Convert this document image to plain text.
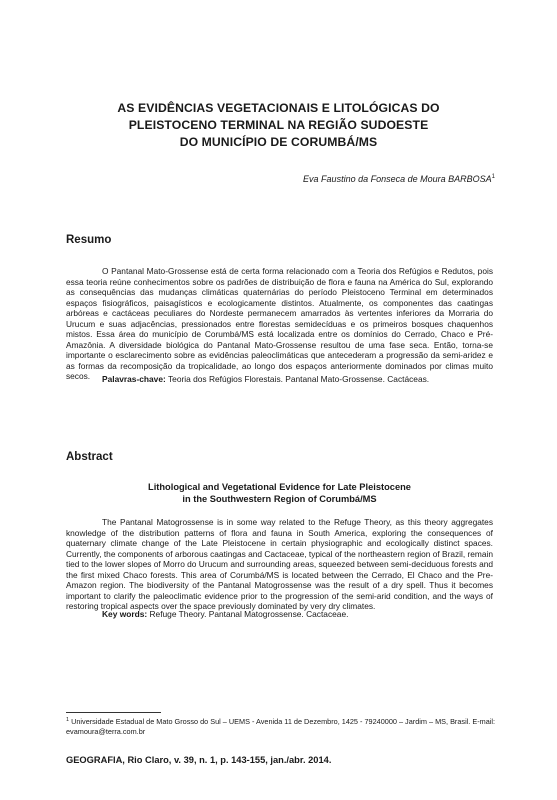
AS EVIDÊNCIAS VEGETACIONAIS E LITOLÓGICAS DO
PLEISTOCENO TERMINAL NA REGIÃO SUDOESTE
DO MUNICÍPIO DE CORUMBÁ/MS
Eva Faustino da Fonseca de Moura BARBOSA$^1$
Resumo
O Pantanal Mato-Grossense está de certa forma relacionado com a Teoria dos Refúgios e Redutos, pois essa teoria reúne conhecimentos sobre os padrões de distribuição de flora e fauna na América do Sul, explorando as consequências das mudanças climáticas quaternárias do período Pleistoceno Terminal em determinados espaços fisiográficos, paisagísticos e ecologicamente distintos. Atualmente, os componentes das caatingas arbóreas e cactáceas peculiares do Nordeste permanecem amarrados às vertentes inferiores da Morraria do Urucum e suas adjacências, pressionados entre florestas semidecíduas e os primeiros bosques chaquenhos mistos. Essa área do município de Corumbá/MS está localizada entre os domínios do Cerrado, Chaco e Pré-Amazônia. A diversidade biológica do Pantanal Mato-Grossense resultou de uma fase seca. Então, torna-se importante o esclarecimento sobre as evidências paleoclimáticas que antecederam a progressão da semi-aridez e as formas da recomposição da tropicalidade, ao longo dos espaços anteriormente dominados por climas muito secos.	Palavras-chave: Teoria dos Refúgios Florestais. Pantanal Mato-Grossense. Cactáceas.
Abstract
Lithological and Vegetational Evidence for Late Pleistocene
in the Southwestern Region of Corumbá/MS
The Pantanal Matogrossense is in some way related to the Refuge Theory, as this theory aggregates knowledge of the distribution patterns of flora and fauna in South America, exploring the consequences of quaternary climate change of the Late Pleistocene in certain physiographic and ecologically distinct spaces. Currently, the components of arborous caatingas and Cactaceae, typical of the northeastern region of Brazil, remain tied to the lower slopes of Morro do Urucum and surrounding areas, squeezed between semi-deciduous forests and the first mixed Chaco forests. This area of Corumbá/MS is located between the Cerrado, El Chaco and the Pre-Amazon region. The biodiversity of the Pantanal Matogrossense was the result of a dry spell. Thus it becomes important to clarify the paleoclimatic evidence prior to the progression of the semi-arid condition, and the ways of restoring tropical aspects over the space previously dominated by very dry climates.
Key words: Refuge Theory. Pantanal Matogrossense. Cactaceae.
$^1$ Universidade Estadual de Mato Grosso do Sul – UEMS - Avenida 11 de Dezembro, 1425 - 79240000 – Jardim – MS, Brasil. E-mail: evamoura@terra.com.br
GEOGRAFIA, Rio Claro, v. 39, n. 1, p. 143-155, jan./abr. 2014.
